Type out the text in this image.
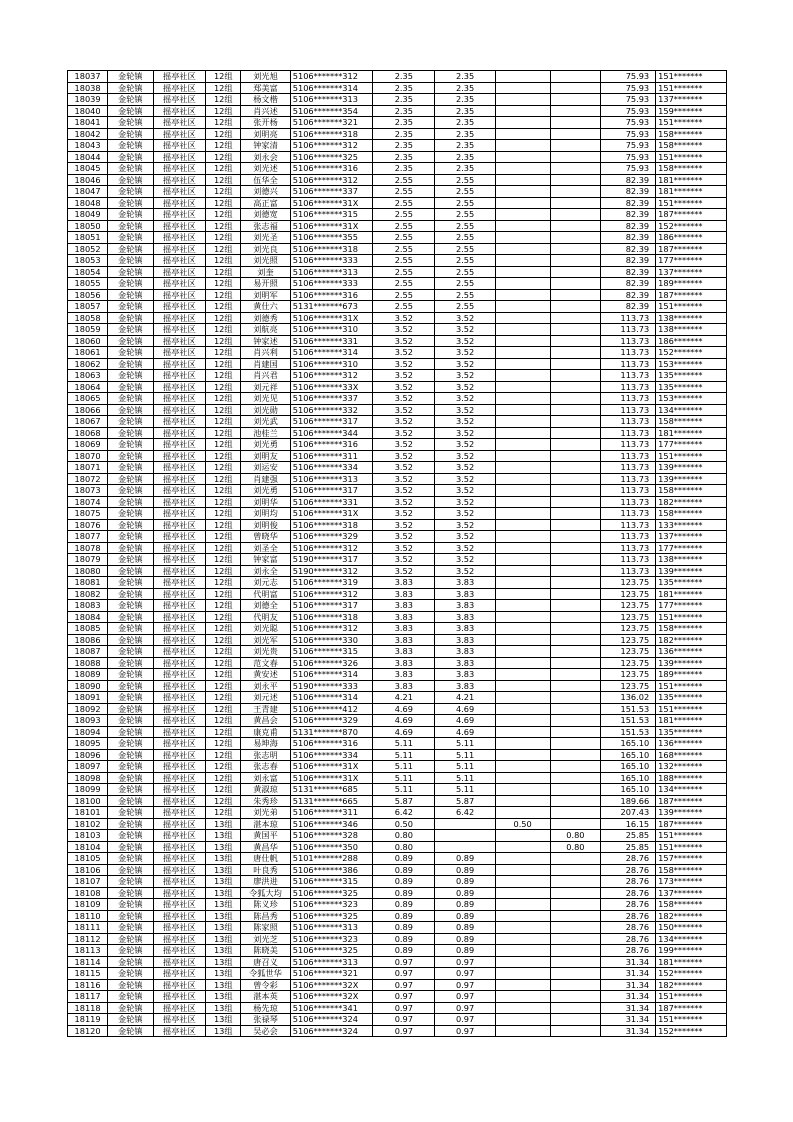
18037	金轮镇	摇亭社区	12组	刘光旭	5106*******312	2.35	2.35			75.93	151*******
18038	金轮镇	摇亭社区	12组	郑美富	5106*******314	2.35	2.35			75.93	151*******
18039	金轮镇	摇亭社区	12组	杨文楷	5106*******313	2.35	2.35			75.93	137*******
18040	金轮镇	摇亭社区	12组	肖兴述	5106*******354	2.35	2.35			75.93	159*******
18041	金轮镇	摇亭社区	12组	张开杨	5106*******321	2.35	2.35			75.93	151*******
18042	金轮镇	摇亭社区	12组	刘明亮	5106*******318	2.35	2.35			75.93	158*******
18043	金轮镇	摇亭社区	12组	钟家清	5106*******312	2.35	2.35			75.93	158*******
18044	金轮镇	摇亭社区	12组	刘永会	5106*******325	2.35	2.35			75.93	151*******
18045	金轮镇	摇亭社区	12组	刘光述	5106*******316	2.35	2.35			75.93	158*******
18046	金轮镇	摇亭社区	12组	伍华全	5106*******312	2.55	2.55			82.39	181*******
18047	金轮镇	摇亭社区	12组	刘德兴	5106*******337	2.55	2.55			82.39	181*******
18048	金轮镇	摇亭社区	12组	高正富	5106*******31X	2.55	2.55			82.39	151*******
18049	金轮镇	摇亭社区	12组	刘德宽	5106*******315	2.55	2.55			82.39	187*******
18050	金轮镇	摇亭社区	12组	张志福	5106*******31X	2.55	2.55			82.39	152*******
18051	金轮镇	摇亭社区	12组	刘光圣	5106*******355	2.55	2.55			82.39	186*******
18052	金轮镇	摇亭社区	12组	刘光良	5106*******318	2.55	2.55			82.39	187*******
18053	金轮镇	摇亭社区	12组	刘光照	5106*******333	2.55	2.55			82.39	177*******
18054	金轮镇	摇亭社区	12组	刘奎	5106*******313	2.55	2.55			82.39	137*******
18055	金轮镇	摇亭社区	12组	易开照	5106*******333	2.55	2.55			82.39	189*******
18056	金轮镇	摇亭社区	12组	刘明军	5106*******316	2.55	2.55			82.39	187*******
18057	金轮镇	摇亭社区	12组	黄仕六	5131*******673	2.55	2.55			82.39	151*******
18058	金轮镇	摇亭社区	12组	刘德秀	5106*******31X	3.52	3.52			113.73	138*******
18059	金轮镇	摇亭社区	12组	刘航亮	5106*******310	3.52	3.52			113.73	138*******
18060	金轮镇	摇亭社区	12组	钟家述	5106*******331	3.52	3.52			113.73	186*******
18061	金轮镇	摇亭社区	12组	肖兴利	5106*******314	3.52	3.52			113.73	152*******
18062	金轮镇	摇亭社区	12组	肖建国	5106*******310	3.52	3.52			113.73	153*******
18063	金轮镇	摇亭社区	12组	肖兴君	5106*******312	3.52	3.52			113.73	135*******
18064	金轮镇	摇亭社区	12组	刘元祥	5106*******33X	3.52	3.52			113.73	135*******
18065	金轮镇	摇亭社区	12组	刘光见	5106*******337	3.52	3.52			113.73	153*******
18066	金轮镇	摇亭社区	12组	刘光勋	5106*******332	3.52	3.52			113.73	134*******
18067	金轮镇	摇亭社区	12组	刘光武	5106*******317	3.52	3.52			113.73	158*******
18068	金轮镇	摇亭社区	12组	池桂兰	5106*******344	3.52	3.52			113.73	181*******
18069	金轮镇	摇亭社区	12组	刘光勇	5106*******316	3.52	3.52			113.73	177*******
18070	金轮镇	摇亭社区	12组	刘明友	5106*******311	3.52	3.52			113.73	151*******
18071	金轮镇	摇亭社区	12组	刘运安	5106*******334	3.52	3.52			113.73	139*******
18072	金轮镇	摇亭社区	12组	肖建强	5106*******313	3.52	3.52			113.73	139*******
18073	金轮镇	摇亭社区	12组	刘光勇	5106*******317	3.52	3.52			113.73	158*******
18074	金轮镇	摇亭社区	12组	刘明华	5106*******331	3.52	3.52			113.73	182*******
18075	金轮镇	摇亭社区	12组	刘明均	5106*******31X	3.52	3.52			113.73	158*******
18076	金轮镇	摇亭社区	12组	刘明俊	5106*******318	3.52	3.52			113.73	133*******
18077	金轮镇	摇亭社区	12组	曾晓华	5106*******329	3.52	3.52			113.73	137*******
18078	金轮镇	摇亭社区	12组	刘圣全	5106*******312	3.52	3.52			113.73	177*******
18079	金轮镇	摇亭社区	12组	钟家富	5190*******317	3.52	3.52			113.73	138*******
18080	金轮镇	摇亭社区	12组	刘永全	5190*******312	3.52	3.52			113.73	139*******
18081	金轮镇	摇亭社区	12组	刘元志	5106*******319	3.83	3.83			123.75	135*******
18082	金轮镇	摇亭社区	12组	代明富	5106*******312	3.83	3.83			123.75	181*******
18083	金轮镇	摇亭社区	12组	刘德全	5106*******317	3.83	3.83			123.75	177*******
18084	金轮镇	摇亭社区	12组	代明友	5106*******318	3.83	3.83			123.75	151*******
18085	金轮镇	摇亭社区	12组	刘光聪	5106*******312	3.83	3.83			123.75	158*******
18086	金轮镇	摇亭社区	12组	刘光军	5106*******330	3.83	3.83			123.75	182*******
18087	金轮镇	摇亭社区	12组	刘光贵	5106*******315	3.83	3.83			123.75	136*******
18088	金轮镇	摇亭社区	12组	范文春	5106*******326	3.83	3.83			123.75	139*******
18089	金轮镇	摇亭社区	12组	黄安述	5106*******314	3.83	3.83			123.75	189*******
18090	金轮镇	摇亭社区	12组	刘永平	5190*******333	3.83	3.83			123.75	151*******
18091	金轮镇	摇亭社区	12组	刘元述	5106*******314	4.21	4.21			136.02	135*******
18092	金轮镇	摇亭社区	12组	王青建	5106*******412	4.69	4.69			151.53	151*******
18093	金轮镇	摇亭社区	12组	黄昌会	5106*******329	4.69	4.69			151.53	181*******
18094	金轮镇	摇亭社区	12组	康克甫	5131*******870	4.69	4.69			151.53	135*******
18095	金轮镇	摇亭社区	12组	易坤海	5106*******316	5.11	5.11			165.10	136*******
18096	金轮镇	摇亭社区	12组	张志明	5106*******334	5.11	5.11			165.10	168*******
18097	金轮镇	摇亭社区	12组	张志春	5106*******31X	5.11	5.11			165.10	132*******
18098	金轮镇	摇亭社区	12组	刘永富	5106*******31X	5.11	5.11			165.10	188*******
18099	金轮镇	摇亭社区	12组	黄淑琼	5131*******685	5.11	5.11			165.10	134*******
18100	金轮镇	摇亭社区	12组	朱秀珍	5131*******665	5.87	5.87			189.66	187*******
18101	金轮镇	摇亭社区	12组	刘光弟	5106*******311	6.42	6.42			207.43	139*******
18102	金轮镇	摇亭社区	13组	湛本琼	5106*******346	0.50		0.50		16.15	187*******
18103	金轮镇	摇亭社区	13组	黄国平	5106*******328	0.80			0.80	25.85	151*******
18104	金轮镇	摇亭社区	13组	黄昌华	5106*******350	0.80			0.80	25.85	151*******
18105	金轮镇	摇亭社区	13组	唐仕帆	5101*******288	0.89	0.89			28.76	157*******
18106	金轮镇	摇亭社区	13组	叶良秀	5106*******386	0.89	0.89			28.76	158*******
18107	金轮镇	摇亭社区	13组	廖洪进	5106*******315	0.89	0.89			28.76	173*******
18108	金轮镇	摇亭社区	13组	令狐大均	5106*******325	0.89	0.89			28.76	137*******
18109	金轮镇	摇亭社区	13组	陈义珍	5106*******323	0.89	0.89			28.76	158*******
18110	金轮镇	摇亭社区	13组	陈昌秀	5106*******325	0.89	0.89			28.76	182*******
18111	金轮镇	摇亭社区	13组	陈家照	5106*******313	0.89	0.89			28.76	150*******
18112	金轮镇	摇亭社区	13组	刘光芝	5106*******323	0.89	0.89			28.76	134*******
18113	金轮镇	摇亭社区	13组	陈晓美	5106*******325	0.89	0.89			28.76	199*******
18114	金轮镇	摇亭社区	13组	唐召义	5106*******313	0.97	0.97			31.34	181*******
18115	金轮镇	摇亭社区	13组	令狐世华	5106*******321	0.97	0.97			31.34	152*******
18116	金轮镇	摇亭社区	13组	曾令彩	5106*******32X	0.97	0.97			31.34	182*******
18117	金轮镇	摇亭社区	13组	湛本英	5106*******32X	0.97	0.97			31.34	151*******
18118	金轮镇	摇亭社区	13组	杨先琼	5106*******341	0.97	0.97			31.34	187*******
18119	金轮镇	摇亭社区	13组	张禄琴	5106*******324	0.97	0.97			31.34	151*******
18120	金轮镇	摇亭社区	13组	吴必会	5106*******324	0.97	0.97			31.34	152*******
